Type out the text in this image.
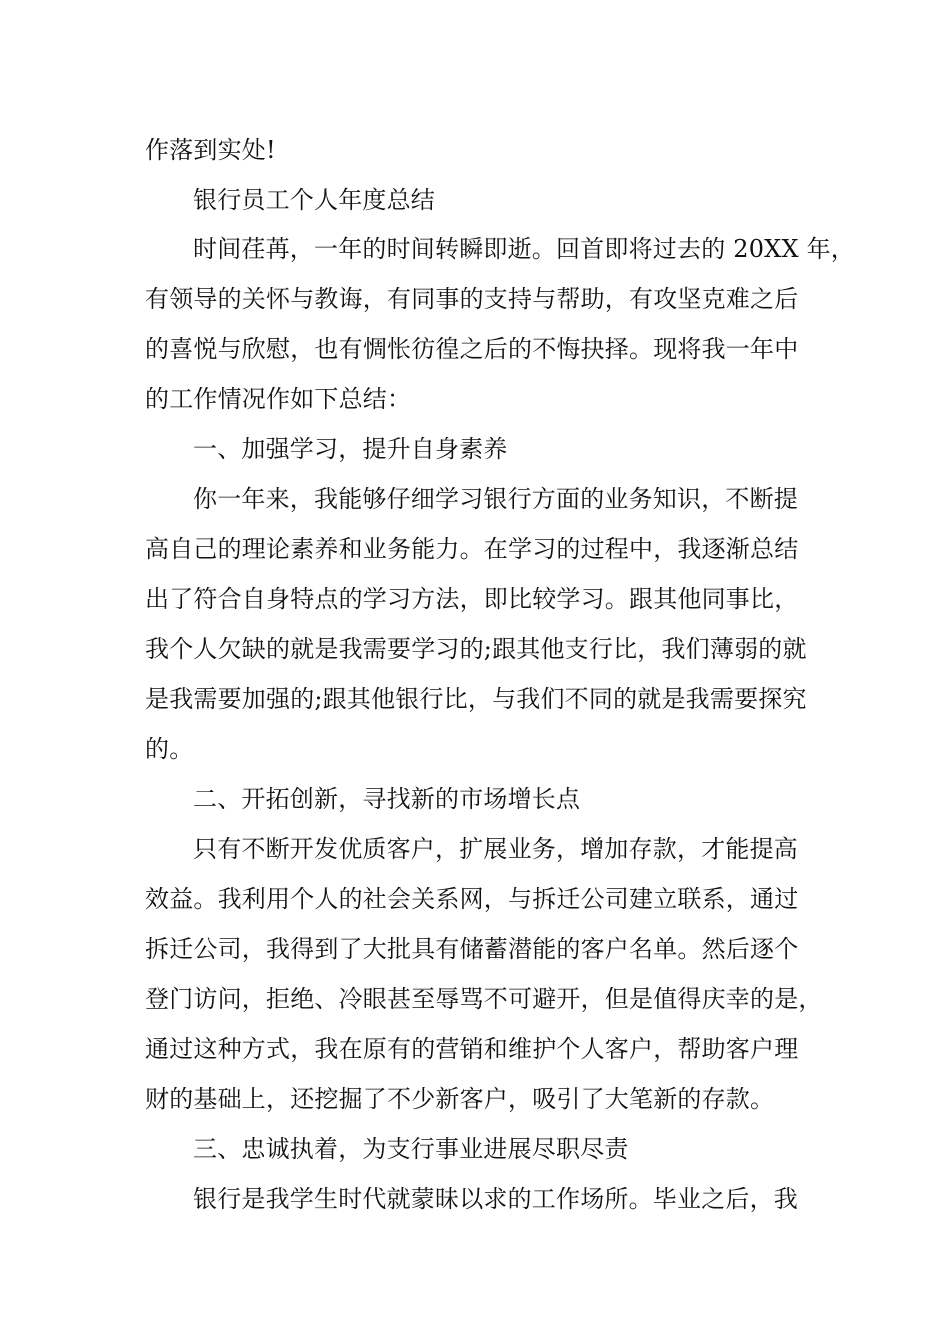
作落到实处!
银行员工个人年度总结
时间荏苒，一年的时间转瞬即逝。回首即将过去的 20XX 年，
有领导的关怀与教诲，有同事的支持与帮助，有攻坚克难之后
的喜悦与欣慰，也有惆怅彷徨之后的不悔抉择。现将我一年中
的工作情况作如下总结：
一、加强学习，提升自身素养
你一年来，我能够仔细学习银行方面的业务知识，不断提
高自己的理论素养和业务能力。在学习的过程中，我逐渐总结
出了符合自身特点的学习方法，即比较学习。跟其他同事比，
我个人欠缺的就是我需要学习的;跟其他支行比，我们薄弱的就
是我需要加强的;跟其他银行比，与我们不同的就是我需要探究
的。
二、开拓创新，寻找新的市场增长点
只有不断开发优质客户，扩展业务，增加存款，才能提高
效益。我利用个人的社会关系网，与拆迁公司建立联系，通过
拆迁公司，我得到了大批具有储蓄潜能的客户名单。然后逐个
登门访问，拒绝、冷眼甚至辱骂不可避开，但是值得庆幸的是，
通过这种方式，我在原有的营销和维护个人客户，帮助客户理
财的基础上，还挖掘了不少新客户，吸引了大笔新的存款。
三、忠诚执着，为支行事业进展尽职尽责
银行是我学生时代就蒙昧以求的工作场所。毕业之后，我
